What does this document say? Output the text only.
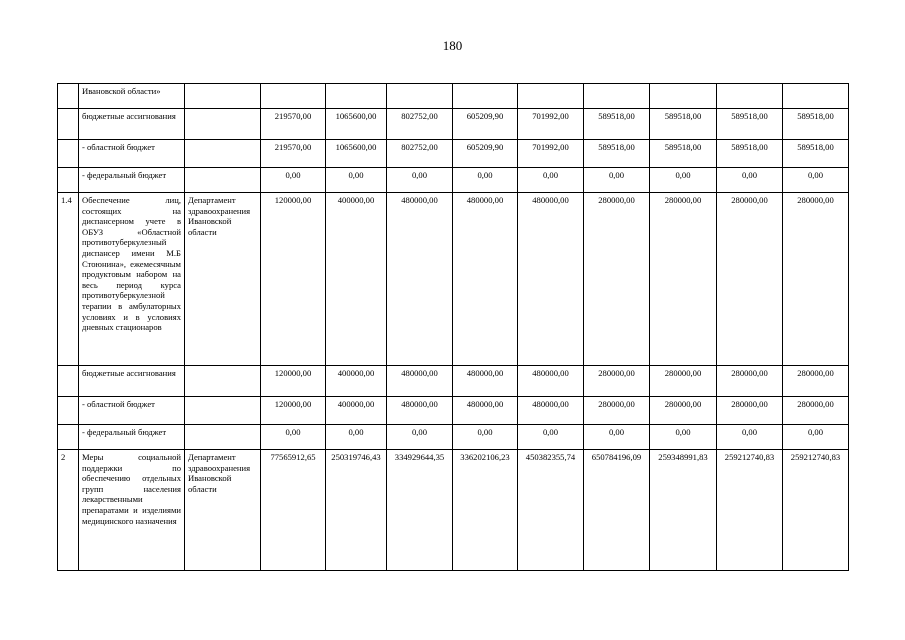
180
	Ивановской области»										
	бюджетные ассигнования		219570,00	1065600,00	802752,00	605209,90	701992,00	589518,00	589518,00	589518,00	589518,00
	- областной бюджет		219570,00	1065600,00	802752,00	605209,90	701992,00	589518,00	589518,00	589518,00	589518,00
	- федеральный бюджет		0,00	0,00	0,00	0,00	0,00	0,00	0,00	0,00	0,00
1.4	Обеспечение лиц, состоящих на диспансерном учете в ОБУЗ «Областной противотуберкулезный диспансер имени М.Б Стоюнина», ежемесячным продуктовым набором на весь период курса противотуберкулезной терапии в амбулаторных условиях и в условиях дневных стационаров	Департамент здравоохранения Ивановской области	120000,00	400000,00	480000,00	480000,00	480000,00	280000,00	280000,00	280000,00	280000,00
	бюджетные ассигнования		120000,00	400000,00	480000,00	480000,00	480000,00	280000,00	280000,00	280000,00	280000,00
	- областной бюджет		120000,00	400000,00	480000,00	480000,00	480000,00	280000,00	280000,00	280000,00	280000,00
	- федеральный бюджет		0,00	0,00	0,00	0,00	0,00	0,00	0,00	0,00	0,00
2	Меры социальной поддержки по обеспечению отдельных групп населения лекарственными препаратами и изделиями медицинского назначения	Департамент здравоохранения Ивановской области	77565912,65	250319746,43	334929644,35	336202106,23	450382355,74	650784196,09	259348991,83	259212740,83	259212740,83
